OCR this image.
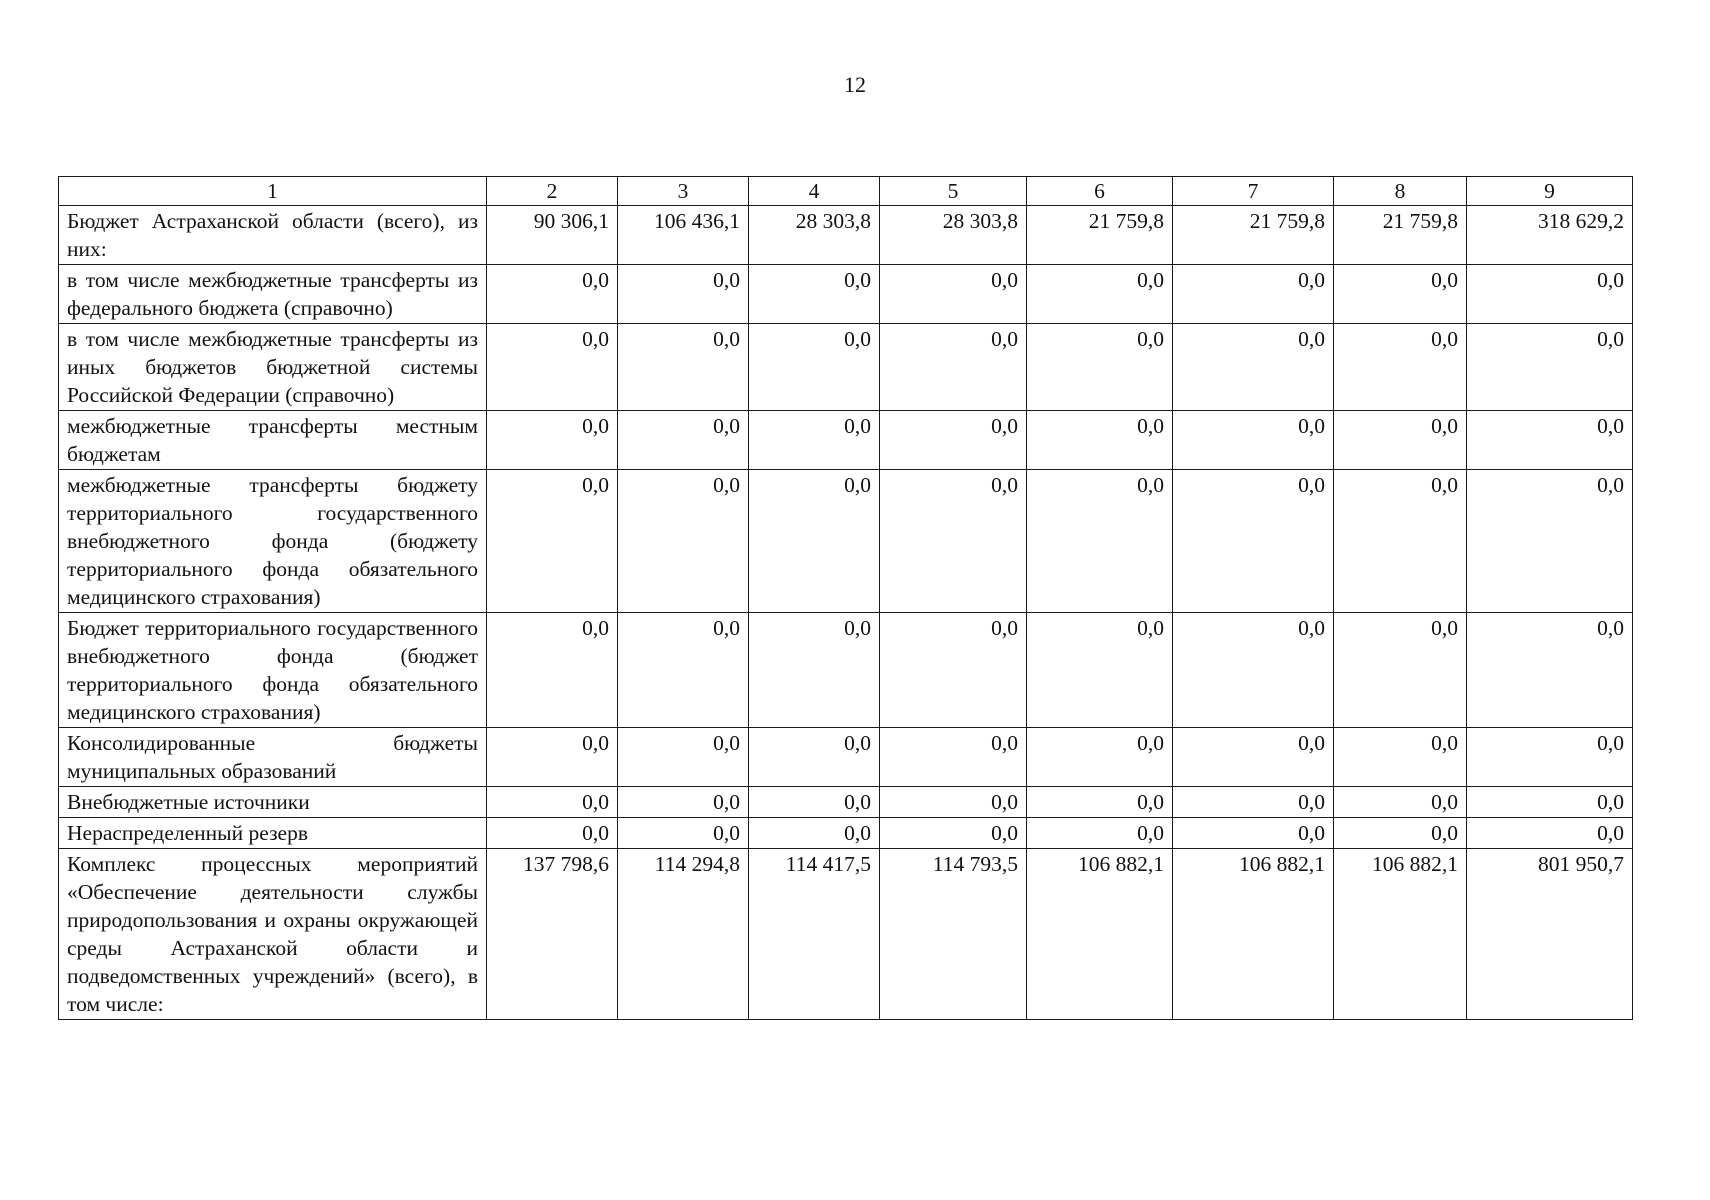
12
1	2	3	4	5	6	7	8	9
Бюджет Астраханской области (всего), из них:	90 306,1	106 436,1	28 303,8	28 303,8	21 759,8	21 759,8	21 759,8	318 629,2
в том числе межбюджетные трансферты из федерального бюджета (справочно)	0,0	0,0	0,0	0,0	0,0	0,0	0,0	0,0
в том числе межбюджетные трансферты из иных бюджетов бюджетной системы Российской Федерации (справочно)	0,0	0,0	0,0	0,0	0,0	0,0	0,0	0,0
межбюджетные трансферты местным бюджетам	0,0	0,0	0,0	0,0	0,0	0,0	0,0	0,0
межбюджетные трансферты бюджету территориального государственного внебюджетного фонда (бюджету территориального фонда обязательного медицинского страхования)	0,0	0,0	0,0	0,0	0,0	0,0	0,0	0,0
Бюджет территориального государственного внебюджетного фонда (бюджет территориального фонда обязательного медицинского страхования)	0,0	0,0	0,0	0,0	0,0	0,0	0,0	0,0
Консолидированные бюджеты муниципальных образований	0,0	0,0	0,0	0,0	0,0	0,0	0,0	0,0
Внебюджетные источники	0,0	0,0	0,0	0,0	0,0	0,0	0,0	0,0
Нераспределенный резерв	0,0	0,0	0,0	0,0	0,0	0,0	0,0	0,0
Комплекс процессных мероприятий «Обеспечение деятельности службы природопользования и охраны окружающей среды Астраханской области и подведомственных учреждений» (всего), в том числе:	137 798,6	114 294,8	114 417,5	114 793,5	106 882,1	106 882,1	106 882,1	801 950,7
